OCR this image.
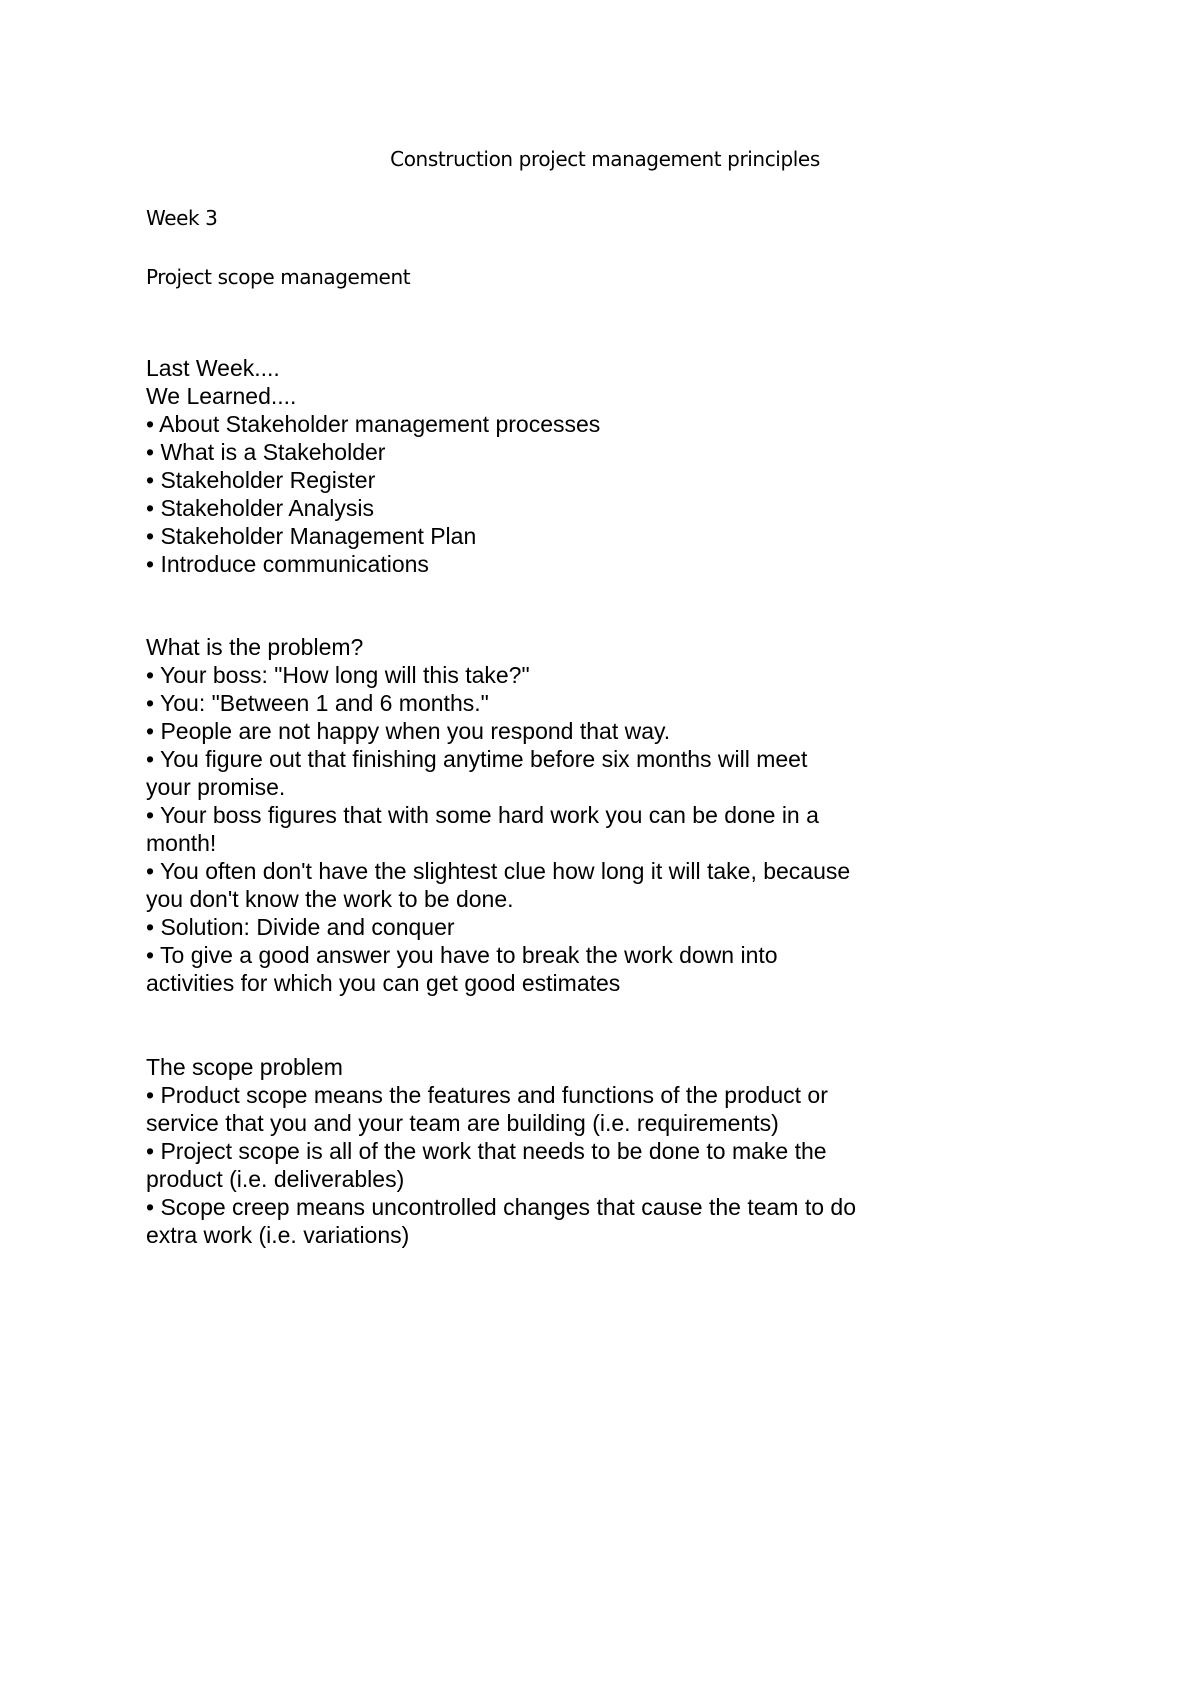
Construction project management principles
Week 3
Project scope management
Last Week....
We Learned....
• About Stakeholder management processes
• What is a Stakeholder
• Stakeholder Register
• Stakeholder Analysis
• Stakeholder Management Plan
• Introduce communications
What is the problem?
• Your boss: "How long will this take?"
• You: "Between 1 and 6 months."
• People are not happy when you respond that way.
• You figure out that finishing anytime before six months will meet your promise.
• Your boss figures that with some hard work you can be done in a month!
• You often don't have the slightest clue how long it will take, because you don't know the work to be done.
• Solution: Divide and conquer
• To give a good answer you have to break the work down into activities for which you can get good estimates
The scope problem
• Product scope means the features and functions of the product or service that you and your team are building (i.e. requirements)
• Project scope is all of the work that needs to be done to make the product (i.e. deliverables)
• Scope creep means uncontrolled changes that cause the team to do extra work (i.e. variations)
